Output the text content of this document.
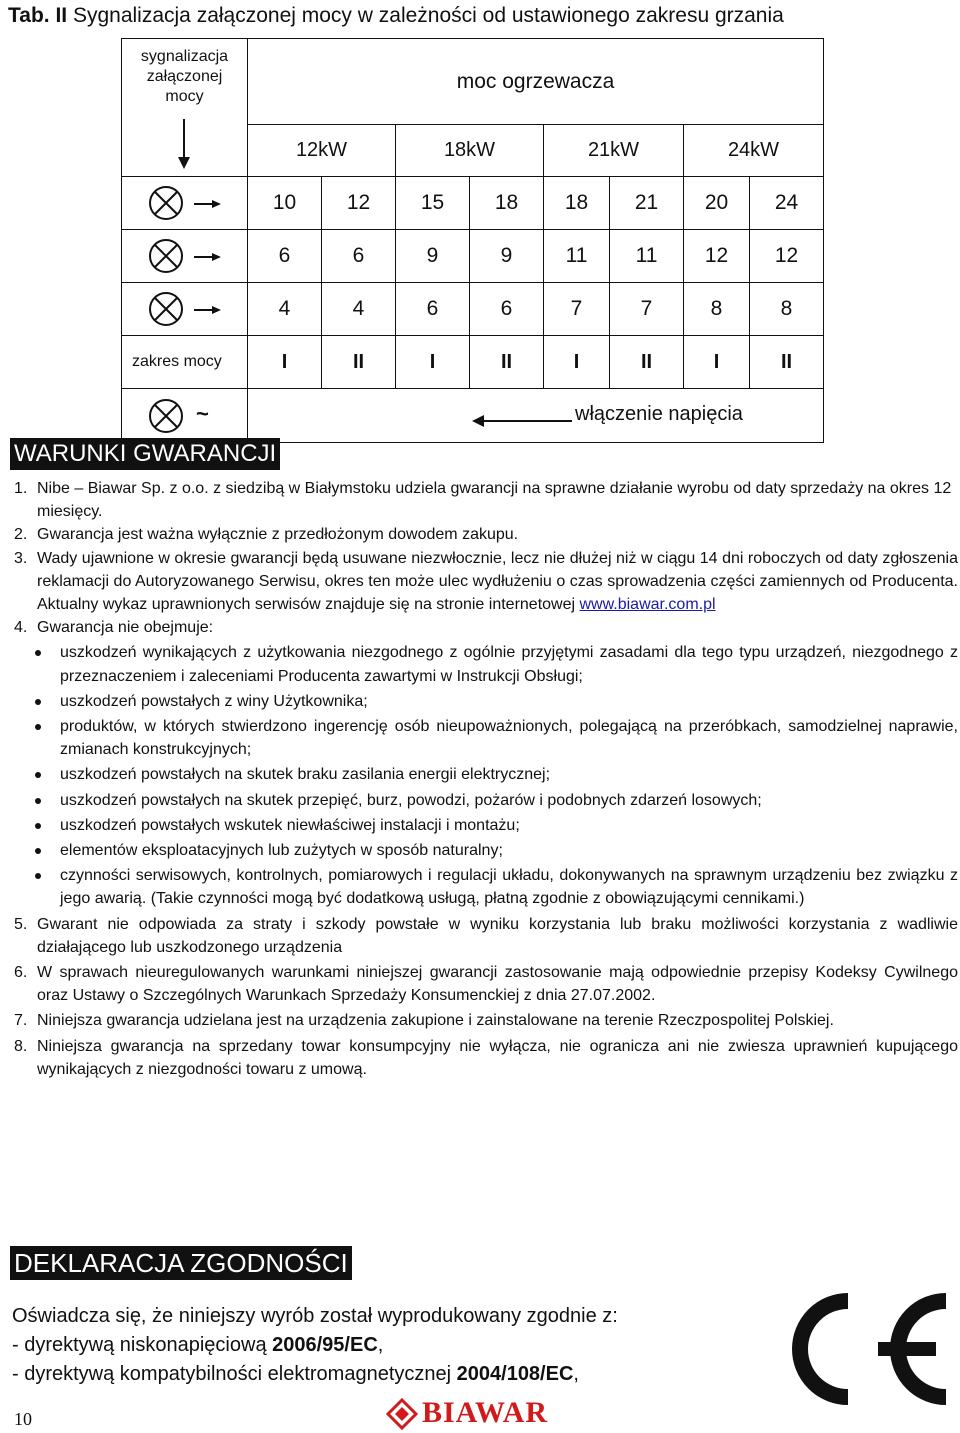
Tab. II Sygnalizacja załączonej mocy w zależności od ustawionego zakresu grzania
sygnalizacja
załączonej
mocy	moc ogrzewacza							
	12kW		18kW		21kW		24kW	

	10	12	15	18	18	21	20	24

	6	6	9	9	11	11	12	12

	4	4	6	6	7	7	8	8
zakres mocy	I	II	I	II	I	II	I	II

~	włączenie napięcia							
WARUNKI GWARANCJI
1. Nibe – Biawar Sp. z o.o. z siedzibą w Białymstoku udziela gwarancji na sprawne działanie wyrobu od daty sprzedaży na okres 12 miesięcy.
2. Gwarancja jest ważna wyłącznie z przedłożonym dowodem zakupu.
3. Wady ujawnione w okresie gwarancji będą usuwane niezwłocznie, lecz nie dłużej niż w ciągu 14 dni roboczych od daty zgłoszenia reklamacji do Autoryzowanego Serwisu, okres ten może ulec wydłużeniu o czas sprowadzenia części zamiennych od Producenta. Aktualny wykaz uprawnionych serwisów znajduje się na stronie internetowej www.biawar.com.pl
4. Gwarancja nie obejmuje:
uszkodzeń wynikających z użytkowania niezgodnego z ogólnie przyjętymi zasadami dla tego typu urządzeń, niezgodnego z przeznaczeniem i zaleceniami Producenta zawartymi w Instrukcji Obsługi;
uszkodzeń powstałych z winy Użytkownika;
produktów, w których stwierdzono ingerencję osób nieupoważnionych, polegającą na przeróbkach, samodzielnej naprawie, zmianach konstrukcyjnych;
uszkodzeń powstałych na skutek braku zasilania energii elektrycznej;
uszkodzeń powstałych na skutek przepięć, burz, powodzi, pożarów i podobnych zdarzeń losowych;
uszkodzeń powstałych wskutek niewłaściwej instalacji i montażu;
elementów eksploatacyjnych lub zużytych w sposób naturalny;
czynności serwisowych, kontrolnych, pomiarowych i regulacji układu, dokonywanych na sprawnym urządzeniu bez związku z jego awarią. (Takie czynności mogą być dodatkową usługą, płatną zgodnie z obowiązującymi cennikami.)
5. Gwarant nie odpowiada za straty i szkody powstałe w wyniku korzystania lub braku możliwości korzystania z wadliwie działającego lub uszkodzonego urządzenia
6. W sprawach nieuregulowanych warunkami niniejszej gwarancji zastosowanie mają odpowiednie przepisy Kodeksy Cywilnego oraz Ustawy o Szczególnych Warunkach Sprzedaży Konsumenckiej z dnia 27.07.2002.
7. Niniejsza gwarancja udzielana jest na urządzenia zakupione i zainstalowane na terenie Rzeczpospolitej Polskiej.
8. Niniejsza gwarancja na sprzedany towar konsumpcyjny nie wyłącza, nie ogranicza ani nie zwiesza uprawnień kupującego wynikających z niezgodności towaru z umową.
DEKLARACJA ZGODNOŚCI
Oświadcza się, że niniejszy wyrób został wyprodukowany zgodnie z:
- dyrektywą niskonapięciową 2006/95/EC,
- dyrektywą kompatybilności elektromagnetycznej 2004/108/EC,
10	BIAWAR
